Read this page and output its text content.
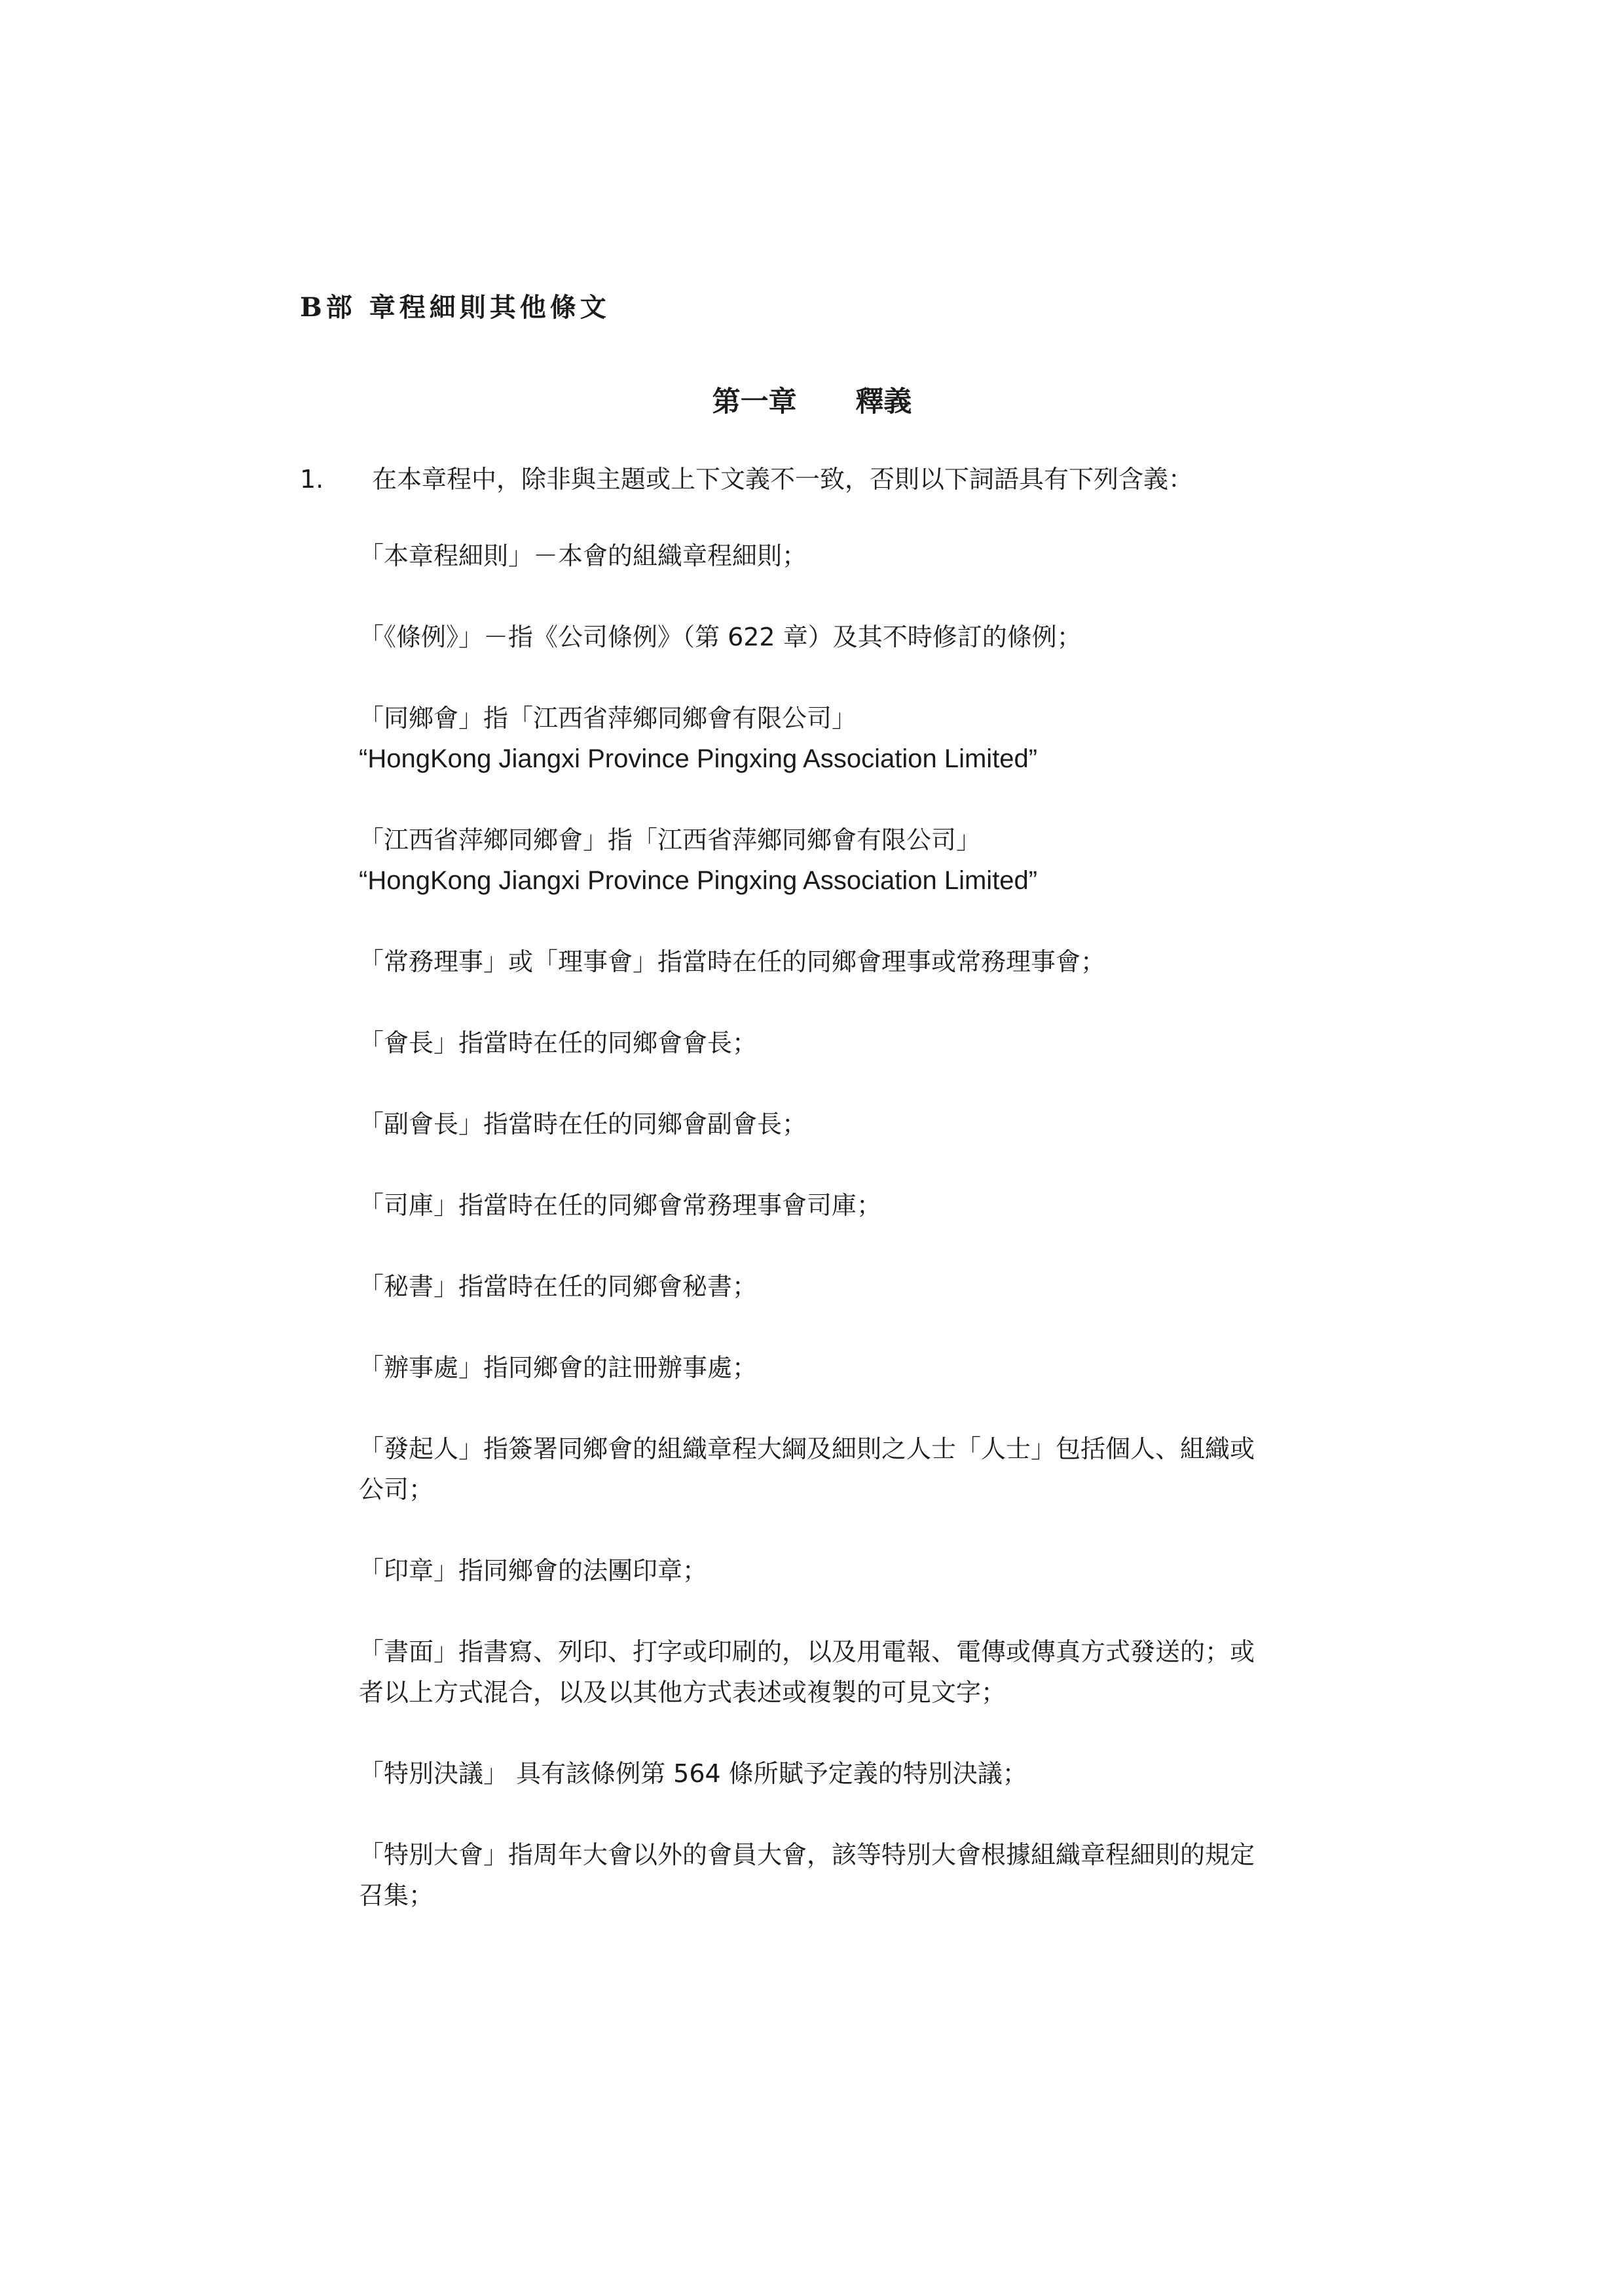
B部 章程細則其他條文
第一章      釋義
1. 在本章程中，除非與主題或上下文義不一致，否則以下詞語具有下列含義：
「本章程細則」－本會的組織章程細則；
「《條例》」－指《公司條例》（第 622 章）及其不時修訂的條例；
「同鄉會」指「江西省萍鄉同鄉會有限公司」
“HongKong Jiangxi Province Pingxing Association Limited”
「江西省萍鄉同鄉會」指「江西省萍鄉同鄉會有限公司」
“HongKong Jiangxi Province Pingxing Association Limited”
「常務理事」或「理事會」指當時在任的同鄉會理事或常務理事會；
「會長」指當時在任的同鄉會會長；
「副會長」指當時在任的同鄉會副會長；
「司庫」指當時在任的同鄉會常務理事會司庫；
「秘書」指當時在任的同鄉會秘書；
「辦事處」指同鄉會的註冊辦事處；
「發起人」指簽署同鄉會的組織章程大綱及細則之人士「人士」包括個人、組織或
公司；
「印章」指同鄉會的法團印章；
「書面」指書寫、列印、打字或印刷的，以及用電報、電傳或傳真方式發送的；或
者以上方式混合，以及以其他方式表述或複製的可見文字；
「特別決議」 具有該條例第 564 條所賦予定義的特別決議；
「特別大會」指周年大會以外的會員大會，該等特別大會根據組織章程細則的規定
召集；
